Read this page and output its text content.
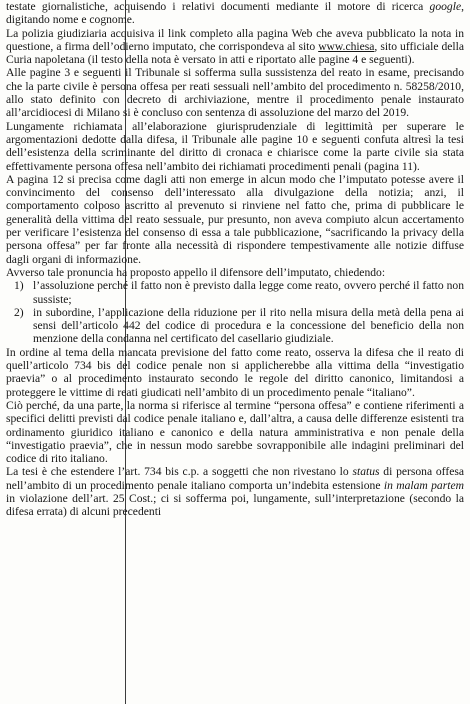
testate giornalistiche, acquisendo i relativi documenti mediante il motore di ricerca google, digitando nome e cognome.

La polizia giudiziaria acquisiva il link completo alla pagina Web che aveva pubblicato la nota in questione, a firma dell’odierno imputato, che corrispondeva al sito www.chiesa, sito ufficiale della Curia napoletana (il testo della nota è versato in atti e riportato alle pagine 4 e seguenti).

Alle pagine 3 e seguenti il Tribunale si sofferma sulla sussistenza del reato in esame, precisando che la parte civile è persona offesa per reati sessuali nell’ambito del procedimento n. 58258/2010, allo stato definito con decreto di archiviazione, mentre il procedimento penale instaurato all’arcidiocesi di Milano si è concluso con sentenza di assoluzione del marzo del 2019.

Lungamente richiamata all’elaborazione giurisprudenziale di legittimità per superare le argomentazioni dedotte dalla difesa, il Tribunale alle pagine 10 e seguenti confuta altresì la tesi dell’esistenza della scriminante del diritto di cronaca e chiarisce come la parte civile sia stata effettivamente persona offesa nell’ambito dei richiamati procedimenti penali (pagina 11).

A pagina 12 si precisa come dagli atti non emerge in alcun modo che l’imputato potesse avere il convincimento del consenso dell’interessato alla divulgazione della notizia; anzi, il comportamento colposo ascritto al prevenuto si rinviene nel fatto che, prima di pubblicare le generalità della vittima del reato sessuale, pur presunto, non aveva compiuto alcun accertamento per verificare l’esistenza del consenso di essa a tale pubblicazione, “sacrificando la privacy della persona offesa” per far fronte alla necessità di rispondere tempestivamente alle notizie diffuse dagli organi di informazione.

Avverso tale pronuncia ha proposto appello il difensore dell’imputato, chiedendo:

1) l’assoluzione perché il fatto non è previsto dalla legge come reato, ovvero perché il fatto non sussiste;
2) in subordine, l’applicazione della riduzione per il rito nella misura della metà della pena ai sensi dell’articolo 442 del codice di procedura e la concessione del beneficio della non menzione della condanna nel certificato del casellario giudiziale.

In ordine al tema della mancata previsione del fatto come reato, osserva la difesa che il reato di quell’articolo 734 bis del codice penale non si applicherebbe alla vittima della “investigatio praevia” o al procedimento instaurato secondo le regole del diritto canonico, limitandosi a proteggere le vittime di reati giudicati nell’ambito di un procedimento penale “italiano”.

Ciò perché, da una parte, la norma si riferisce al termine “persona offesa” e contiene riferimenti a specifici delitti previsti dal codice penale italiano e, dall’altra, a causa delle differenze esistenti tra ordinamento giuridico italiano e canonico e della natura amministrativa e non penale della “investigatio praevia”, che in nessun modo sarebbe sovrapponibile alle indagini preliminari del codice di rito italiano.

La tesi è che estendere l’art. 734 bis c.p. a soggetti che non rivestano lo status di persona offesa nell’ambito di un procedimento penale italiano comporta un’indebita estensione in malam partem in violazione dell’art. 25 Cost.; ci si sofferma poi, lungamente, sull’interpretazione (secondo la difesa errata) di alcuni precedenti
